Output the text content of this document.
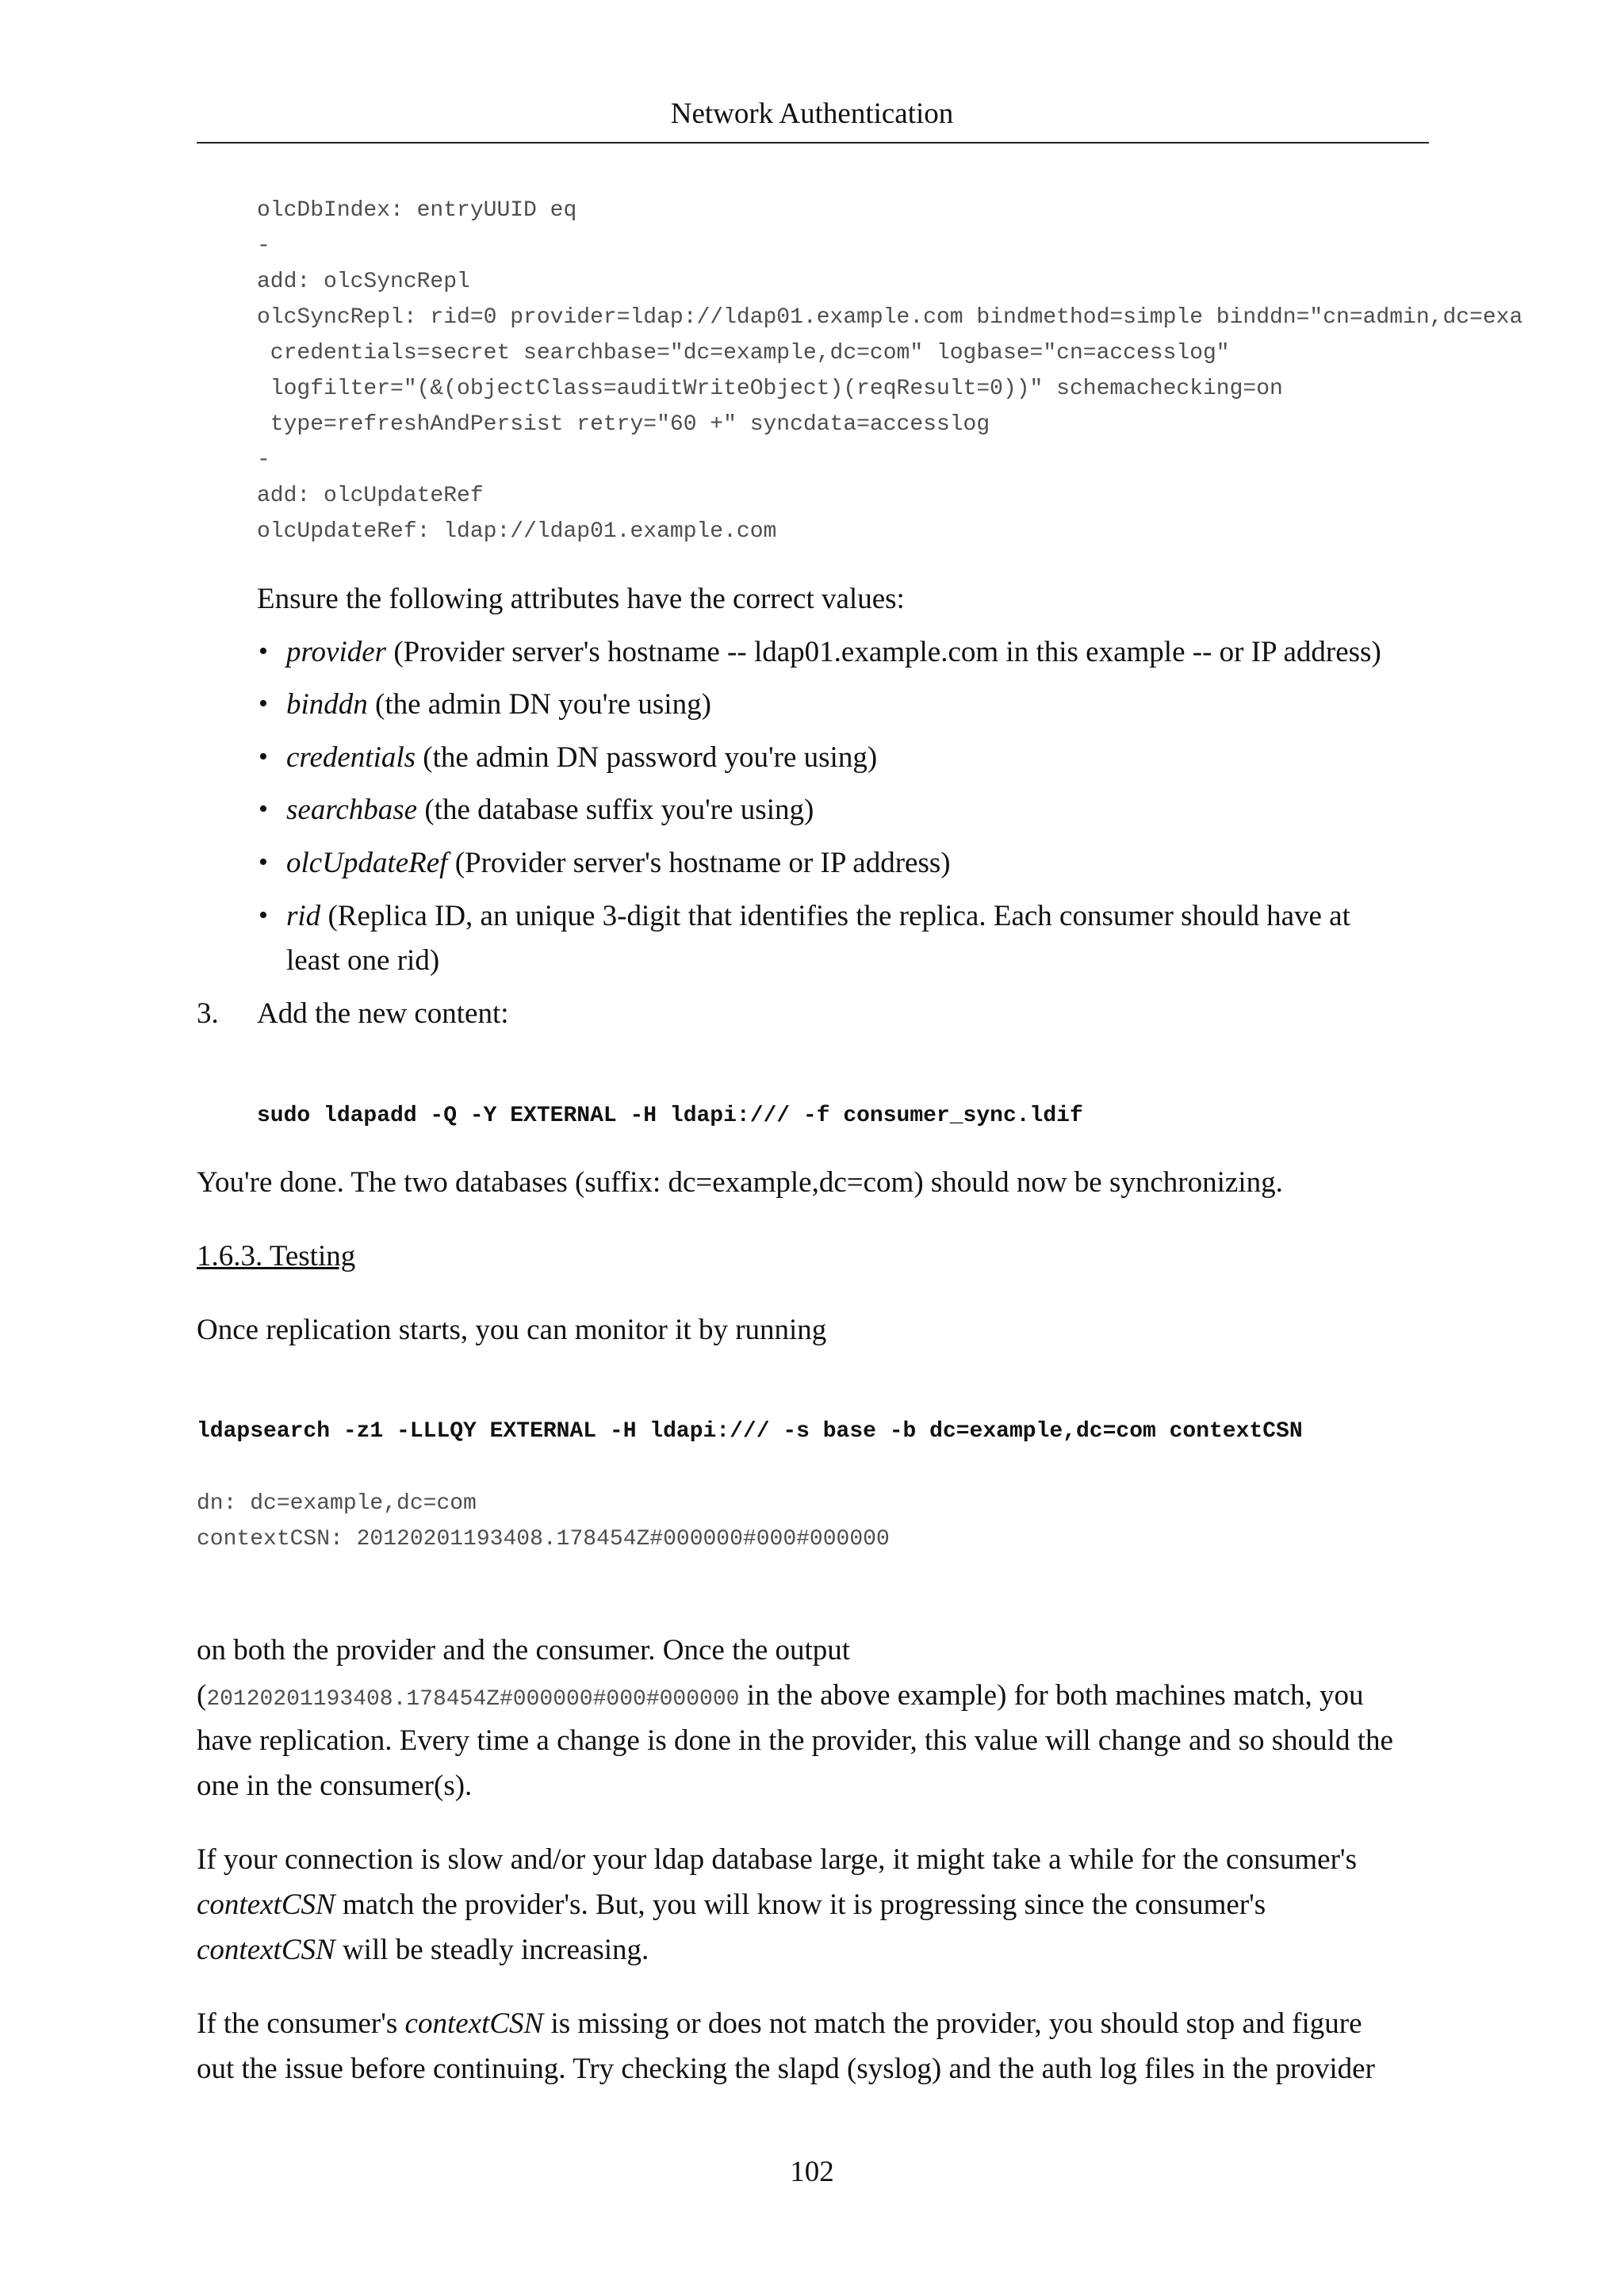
Network Authentication
olcDbIndex: entryUUID eq
-
add: olcSyncRepl
olcSyncRepl: rid=0 provider=ldap://ldap01.example.com bindmethod=simple binddn="cn=admin,dc=exa
credentials=secret searchbase="dc=example,dc=com" logbase="cn=accesslog"
logfilter="(&(objectClass=auditWriteObject)(reqResult=0))" schemachecking=on
type=refreshAndPersist retry="60 +" syncdata=accesslog
-
add: olcUpdateRef
olcUpdateRef: ldap://ldap01.example.com
Ensure the following attributes have the correct values:
• provider (Provider server's hostname -- ldap01.example.com in this example -- or IP address)
• binddn (the admin DN you're using)
• credentials (the admin DN password you're using)
• searchbase (the database suffix you're using)
• olcUpdateRef (Provider server's hostname or IP address)
• rid (Replica ID, an unique 3-digit that identifies the replica. Each consumer should have at
least one rid)
3. Add the new content:
sudo ldapadd -Q -Y EXTERNAL -H ldapi:/// -f consumer_sync.ldif
You're done. The two databases (suffix: dc=example,dc=com) should now be synchronizing.
1.6.3. Testing
Once replication starts, you can monitor it by running
ldapsearch -z1 -LLLQY EXTERNAL -H ldapi:/// -s base -b dc=example,dc=com contextCSN
dn: dc=example,dc=com
contextCSN: 20120201193408.178454Z#000000#000#000000
on both the provider and the consumer. Once the output
(20120201193408.178454Z#000000#000#000000 in the above example) for both machines match, you
have replication. Every time a change is done in the provider, this value will change and so should the
one in the consumer(s).
If your connection is slow and/or your ldap database large, it might take a while for the consumer's
contextCSN match the provider's. But, you will know it is progressing since the consumer's
contextCSN will be steadly increasing.
If the consumer's contextCSN is missing or does not match the provider, you should stop and figure
out the issue before continuing. Try checking the slapd (syslog) and the auth log files in the provider
102
